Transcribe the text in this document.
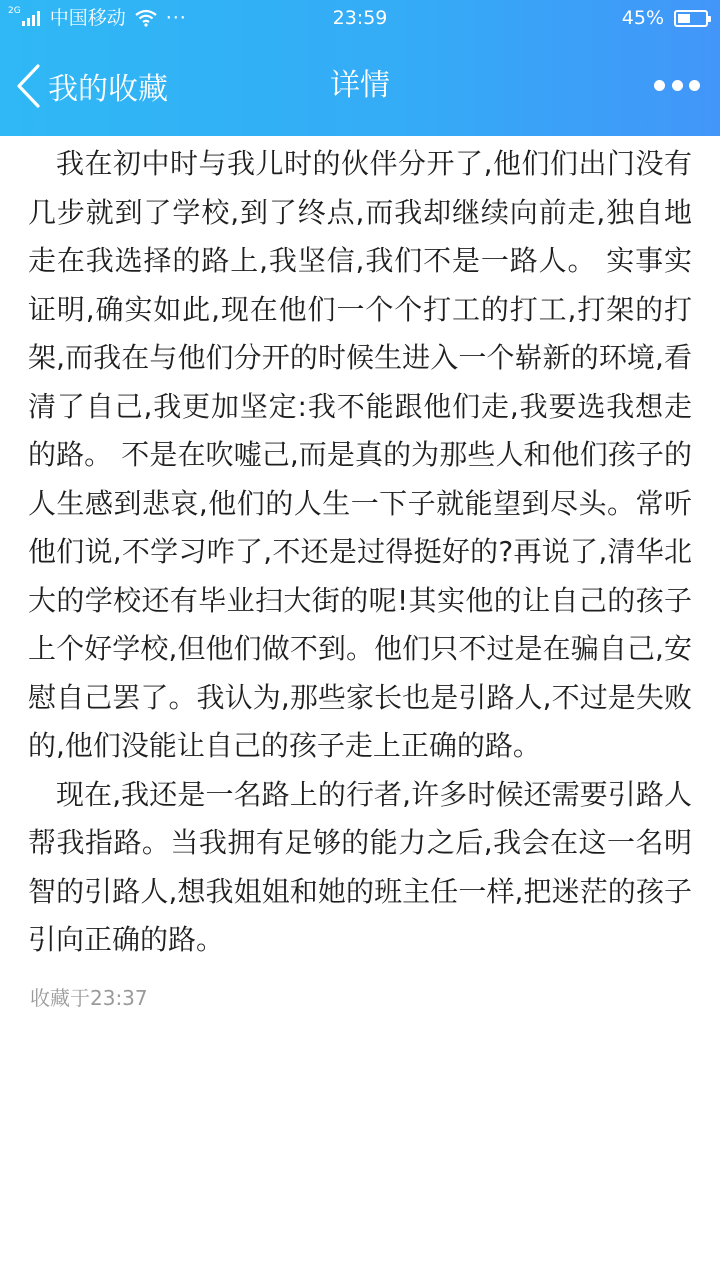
2G 中国移动 ···	23:59	45%
我的收藏	详情

我在初中时与我儿时的伙伴分开了,他们们出门没有几步就到了学校,到了终点,而我却继续向前走,独自地走在我选择的路上,我坚信,我们不是一路人。 实事实证明,确实如此,现在他们一个个打工的打工,打架的打架,而我在与他们分开的时候生进入一个崭新的环境,看清了自己,我更加坚定:我不能跟他们走,我要选我想走的路。 不是在吹嘘己,而是真的为那些人和他们孩子的人生感到悲哀,他们的人生一下子就能望到尽头。常听他们说,不学习咋了,不还是过得挺好的?再说了,清华北大的学校还有毕业扫大街的呢!其实他的让自己的孩子上个好学校,但他们做不到。他们只不过是在骗自己,安慰自己罢了。我认为,那些家长也是引路人,不过是失败的,他们没能让自己的孩子走上正确的路。

现在,我还是一名路上的行者,许多时候还需要引路人帮我指路。当我拥有足够的能力之后,我会在这一名明智的引路人,想我姐姐和她的班主任一样,把迷茫的孩子引向正确的路。

收藏于23:37
